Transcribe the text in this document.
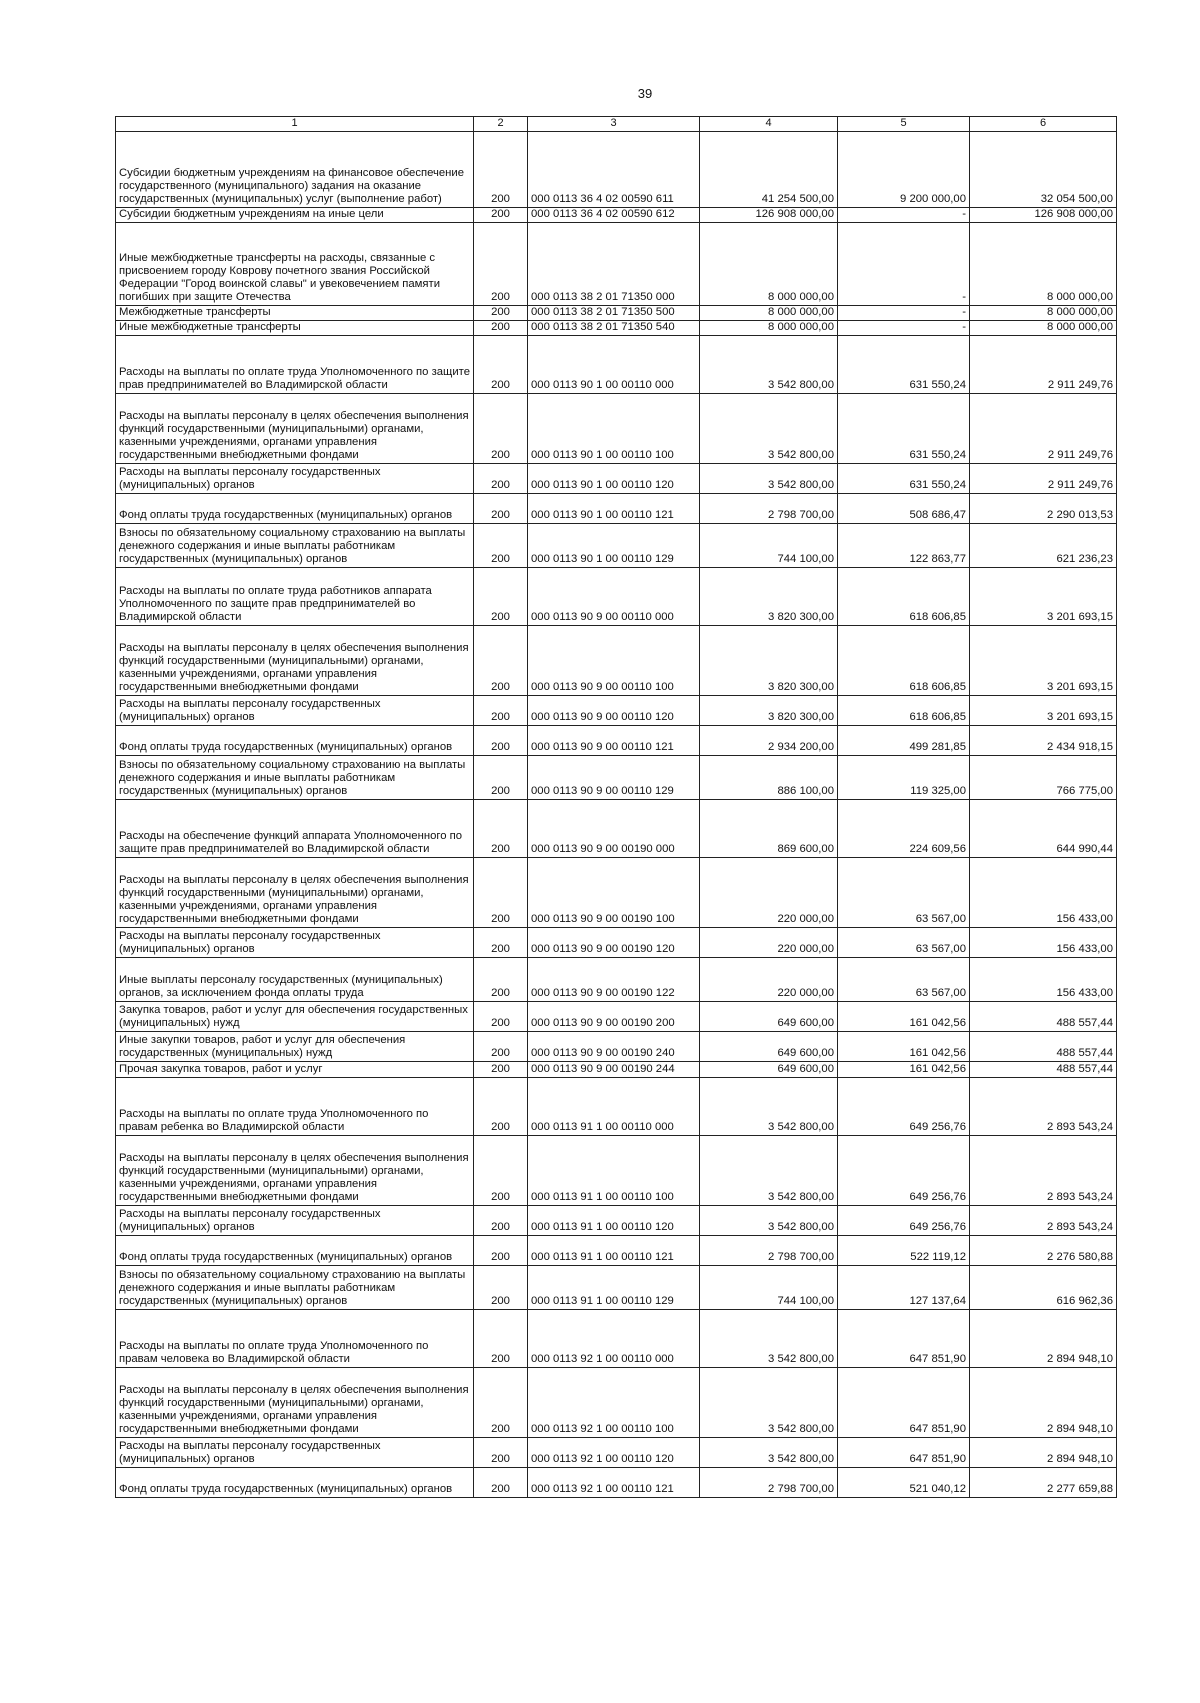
39
1	2	3	4	5	6
Субсидии бюджетным учреждениям на финансовое обеспечение государственного (муниципального) задания на оказание государственных (муниципальных) услуг (выполнение работ)	200	000 0113 36 4 02 00590 611	41 254 500,00	9 200 000,00	32 054 500,00
Субсидии бюджетным учреждениям на иные цели	200	000 0113 36 4 02 00590 612	126 908 000,00	-	126 908 000,00
Иные межбюджетные трансферты на расходы, связанные с присвоением городу Коврову почетного звания Российской Федерации "Город воинской славы" и увековечением памяти погибших при защите Отечества	200	000 0113 38 2 01 71350 000	8 000 000,00	-	8 000 000,00
Межбюджетные трансферты	200	000 0113 38 2 01 71350 500	8 000 000,00	-	8 000 000,00
Иные межбюджетные трансферты	200	000 0113 38 2 01 71350 540	8 000 000,00	-	8 000 000,00
Расходы на выплаты по оплате труда Уполномоченного по защите прав предпринимателей во Владимирской области	200	000 0113 90 1 00 00110 000	3 542 800,00	631 550,24	2 911 249,76
Расходы на выплаты персоналу в целях обеспечения выполнения функций государственными (муниципальными) органами, казенными учреждениями, органами управления государственными внебюджетными фондами	200	000 0113 90 1 00 00110 100	3 542 800,00	631 550,24	2 911 249,76
Расходы на выплаты персоналу государственных (муниципальных) органов	200	000 0113 90 1 00 00110 120	3 542 800,00	631 550,24	2 911 249,76
Фонд оплаты труда государственных (муниципальных) органов	200	000 0113 90 1 00 00110 121	2 798 700,00	508 686,47	2 290 013,53
Взносы по обязательному социальному страхованию на выплаты денежного содержания и иные выплаты работникам государственных (муниципальных) органов	200	000 0113 90 1 00 00110 129	744 100,00	122 863,77	621 236,23
Расходы на выплаты по оплате труда работников аппарата Уполномоченного по защите прав предпринимателей во Владимирской области	200	000 0113 90 9 00 00110 000	3 820 300,00	618 606,85	3 201 693,15
Расходы на выплаты персоналу в целях обеспечения выполнения функций государственными (муниципальными) органами, казенными учреждениями, органами управления государственными внебюджетными фондами	200	000 0113 90 9 00 00110 100	3 820 300,00	618 606,85	3 201 693,15
Расходы на выплаты персоналу государственных (муниципальных) органов	200	000 0113 90 9 00 00110 120	3 820 300,00	618 606,85	3 201 693,15
Фонд оплаты труда государственных (муниципальных) органов	200	000 0113 90 9 00 00110 121	2 934 200,00	499 281,85	2 434 918,15
Взносы по обязательному социальному страхованию на выплаты денежного содержания и иные выплаты работникам государственных (муниципальных) органов	200	000 0113 90 9 00 00110 129	886 100,00	119 325,00	766 775,00
Расходы на обеспечение функций аппарата Уполномоченного по защите прав предпринимателей во Владимирской области	200	000 0113 90 9 00 00190 000	869 600,00	224 609,56	644 990,44
Расходы на выплаты персоналу в целях обеспечения выполнения функций государственными (муниципальными) органами, казенными учреждениями, органами управления государственными внебюджетными фондами	200	000 0113 90 9 00 00190 100	220 000,00	63 567,00	156 433,00
Расходы на выплаты персоналу государственных (муниципальных) органов	200	000 0113 90 9 00 00190 120	220 000,00	63 567,00	156 433,00
Иные выплаты персоналу государственных (муниципальных) органов, за исключением фонда оплаты труда	200	000 0113 90 9 00 00190 122	220 000,00	63 567,00	156 433,00
Закупка товаров, работ и услуг для обеспечения государственных (муниципальных) нужд	200	000 0113 90 9 00 00190 200	649 600,00	161 042,56	488 557,44
Иные закупки товаров, работ и услуг для обеспечения государственных (муниципальных) нужд	200	000 0113 90 9 00 00190 240	649 600,00	161 042,56	488 557,44
Прочая закупка товаров, работ и услуг	200	000 0113 90 9 00 00190 244	649 600,00	161 042,56	488 557,44
Расходы на выплаты по оплате труда Уполномоченного по правам ребенка во Владимирской области	200	000 0113 91 1 00 00110 000	3 542 800,00	649 256,76	2 893 543,24
Расходы на выплаты персоналу в целях обеспечения выполнения функций государственными (муниципальными) органами, казенными учреждениями, органами управления государственными внебюджетными фондами	200	000 0113 91 1 00 00110 100	3 542 800,00	649 256,76	2 893 543,24
Расходы на выплаты персоналу государственных (муниципальных) органов	200	000 0113 91 1 00 00110 120	3 542 800,00	649 256,76	2 893 543,24
Фонд оплаты труда государственных (муниципальных) органов	200	000 0113 91 1 00 00110 121	2 798 700,00	522 119,12	2 276 580,88
Взносы по обязательному социальному страхованию на выплаты денежного содержания и иные выплаты работникам государственных (муниципальных) органов	200	000 0113 91 1 00 00110 129	744 100,00	127 137,64	616 962,36
Расходы на выплаты по оплате труда Уполномоченного по правам человека во Владимирской области	200	000 0113 92 1 00 00110 000	3 542 800,00	647 851,90	2 894 948,10
Расходы на выплаты персоналу в целях обеспечения выполнения функций государственными (муниципальными) органами, казенными учреждениями, органами управления государственными внебюджетными фондами	200	000 0113 92 1 00 00110 100	3 542 800,00	647 851,90	2 894 948,10
Расходы на выплаты персоналу государственных (муниципальных) органов	200	000 0113 92 1 00 00110 120	3 542 800,00	647 851,90	2 894 948,10
Фонд оплаты труда государственных (муниципальных) органов	200	000 0113 92 1 00 00110 121	2 798 700,00	521 040,12	2 277 659,88
